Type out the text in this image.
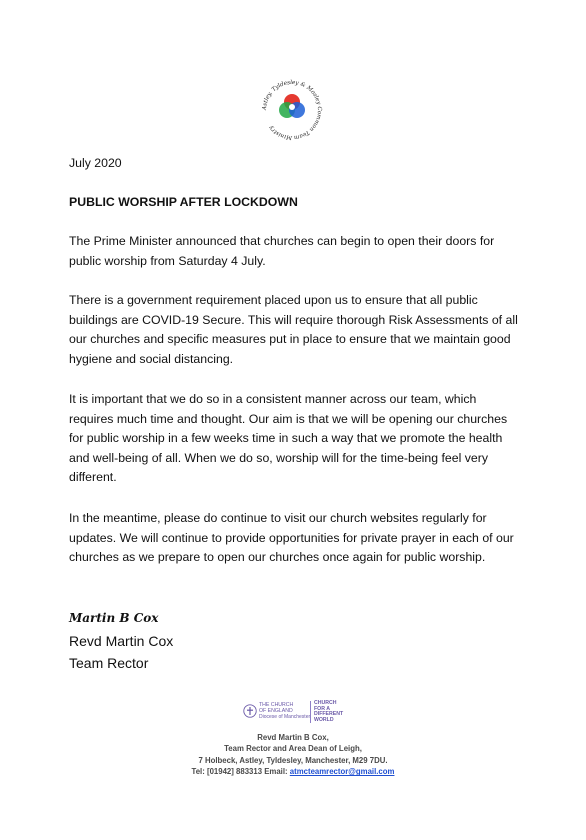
Astley, Tyldesley & Mosley Common Team Ministry
July 2020
PUBLIC WORSHIP AFTER LOCKDOWN
The Prime Minister announced that churches can begin to open their doors for public worship from Saturday 4 July.
There is a government requirement placed upon us to ensure that all public buildings are COVID-19 Secure. This will require thorough Risk Assessments of all our churches and specific measures put in place to ensure that we maintain good hygiene and social distancing.
It is important that we do so in a consistent manner across our team, which requires much time and thought. Our aim is that we will be opening our churches for public worship in a few weeks time in such a way that we promote the health and well-being of all. When we do so, worship will for the time-being feel very different.
In the meantime, please do continue to visit our church websites regularly for updates. We will continue to provide opportunities for private prayer in each of our churches as we prepare to open our churches once again for public worship.
Martin B Cox
Revd Martin Cox
Team Rector
THE CHURCH
OF ENGLAND
Diocese of Manchester
CHURCH
FOR A
DIFFERENT
WORLD
Revd Martin B Cox,
Team Rector and Area Dean of Leigh,
7 Holbeck, Astley, Tyldesley, Manchester, M29 7DU.
Tel: [01942] 883313 Email: atmcteamrector@gmail.com
